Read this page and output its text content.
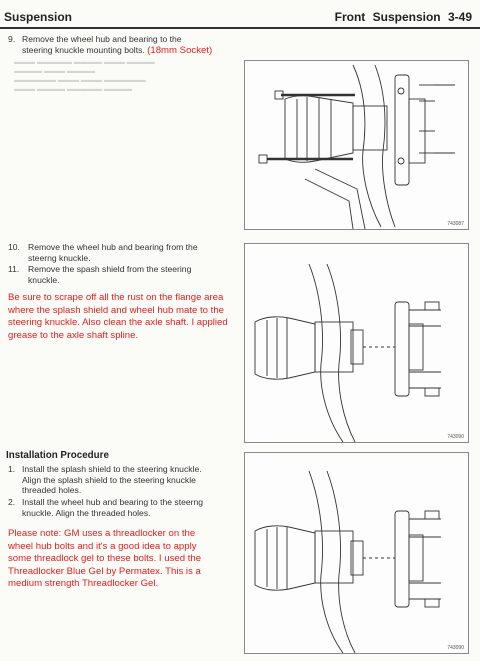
Suspension	Front Suspension 3-49
▬▬▬ ▬▬▬▬▬ ▬▬▬▬ ▬▬▬ ▬▬▬▬
▬▬▬▬ ▬▬▬ ▬▬▬▬
▬▬▬▬▬▬ ▬▬▬ ▬▬▬ ▬▬▬▬▬▬
▬▬▬ ▬▬▬▬ ▬▬▬▬▬ ▬▬▬▬
9. Remove the wheel hub and bearing to the
steering knuckle mounting bolts. (18mm Socket)
743087
10. Remove the wheel hub and bearing from the
steerng knuckle.
11. Remove the spash shield from the steering
knuckle.
743090
Be sure to scrape off all the rust on the flange area
where the splash shield and wheel hub mate to the
steering knuckle. Also clean the axle shaft. I applied
grease to the axle shaft spline.
Installation Procedure
1. Install the splash shield to the steering knuckle.
Align the splash shield to the steering knuckle
threaded holes.
2. Install the wheel hub and bearing to the steerng
knuckle. Align the threaded holes.
Please note: GM uses a threadlocker on the
wheel hub bolts and it's a good idea to apply
some threadlock gel to these bolts. I used the
Threadlocker Blue Gel by Permatex. This is a
medium strength Threadlocker Gel.
743090
